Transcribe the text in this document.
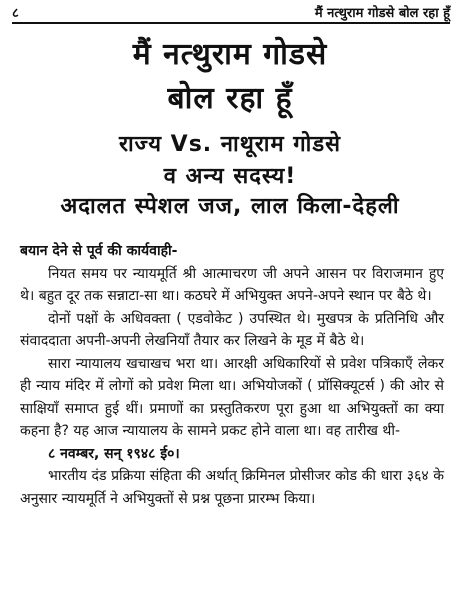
८	मैं नत्थुराम गोडसे बोल रहा हूँ
मैं नत्थुराम गोडसे
बोल रहा हूँ
राज्य Vs. नाथूराम गोडसे
व अन्य सदस्य!
अदालत स्पेशल जज, लाल किला-देहली

बयान देने से पूर्व की कार्यवाही-

नियत समय पर न्यायमूर्ति श्री आत्माचरण जी अपने आसन पर विराजमान हुए थे। बहुत दूर तक सन्नाटा-सा था। कठघरे में अभियुक्त अपने-अपने स्थान पर बैठे थे।

दोनों पक्षों के अधिवक्ता ( एडवोकेट ) उपस्थित थे। मुखपत्र के प्रतिनिधि और संवाददाता अपनी-अपनी लेखनियाँ तैयार कर लिखने के मूड में बैठे थे।

सारा न्यायालय खचाखच भरा था। आरक्षी अधिकारियों से प्रवेश पत्रिकाएँ लेकर ही न्याय मंदिर में लोगों को प्रवेश मिला था। अभियोजकों ( प्रॉसिक्यूटर्स ) की ओर से साक्षियाँ समाप्त हुई थीं। प्रमाणों का प्रस्तुतिकरण पूरा हुआ था अभियुक्तों का क्या कहना है? यह आज न्यायालय के सामने प्रकट होने वाला था। वह तारीख थी-

८ नवम्बर, सन् १९४८ ई०।

भारतीय दंड प्रक्रिया संहिता की अर्थात् क्रिमिनल प्रोसीजर कोड की धारा ३६४ के अनुसार न्यायमूर्ति ने अभियुक्तों से प्रश्न पूछना प्रारम्भ किया।
